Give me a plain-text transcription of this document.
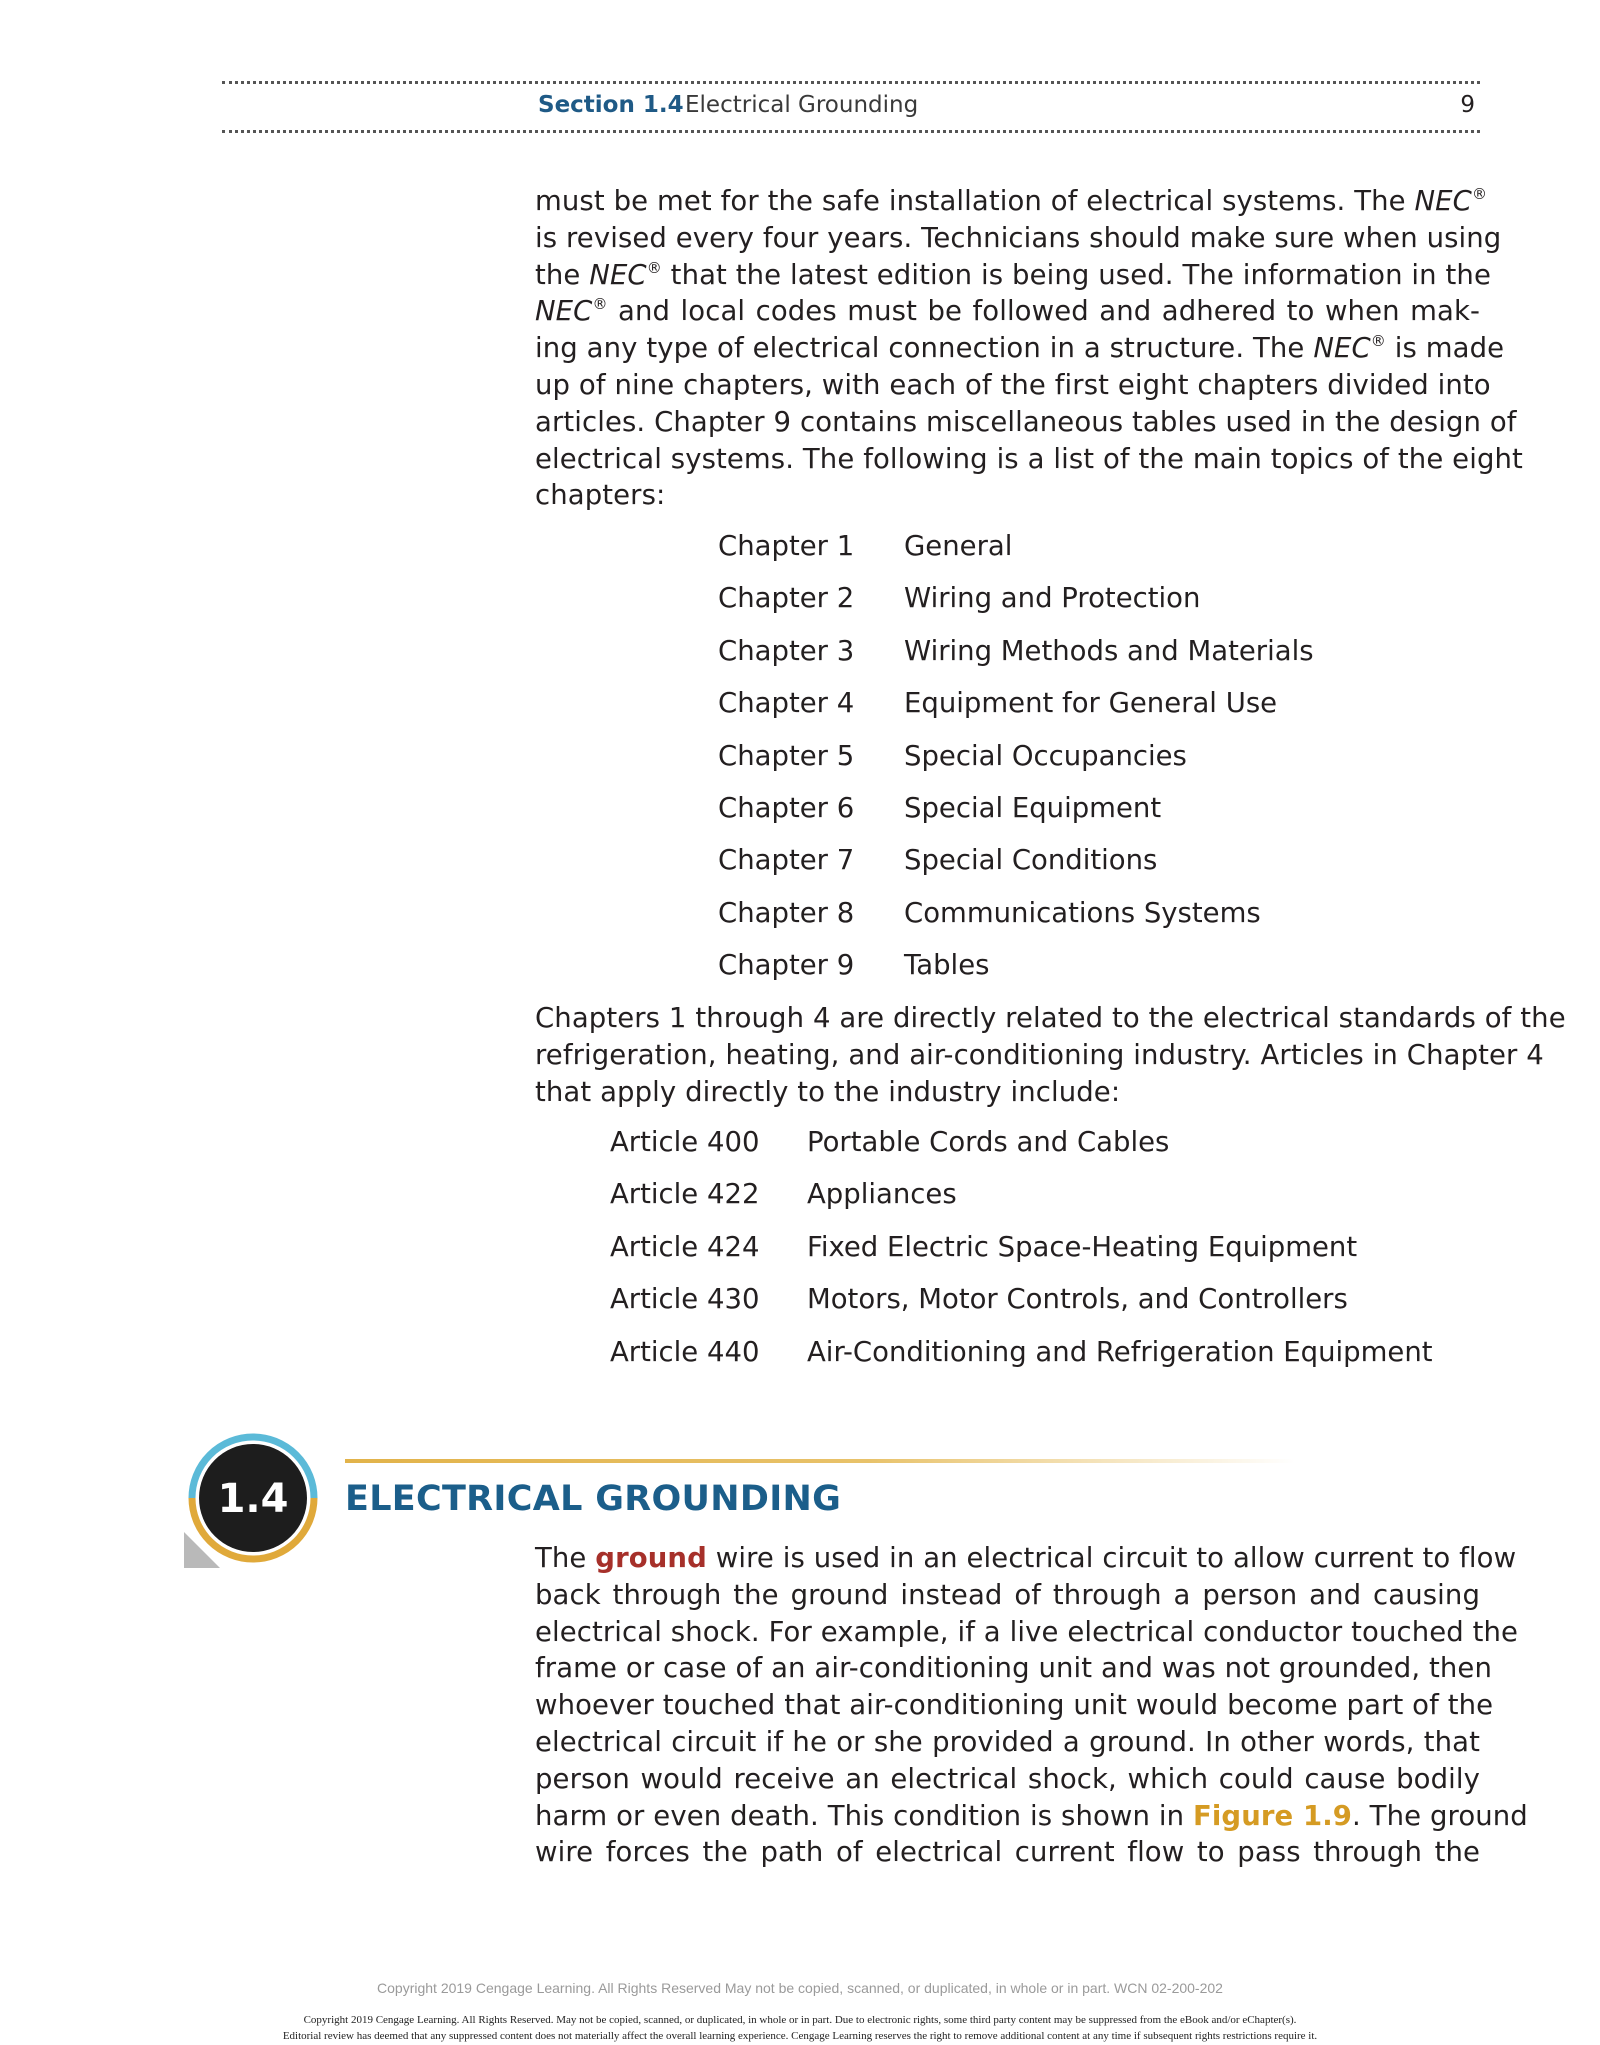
Section 1.4 Electrical Grounding	9
must be met for the safe installation of electrical systems. The NEC®
is revised every four years. Technicians should make sure when using
the NEC® that the latest edition is being used. The information in the
NEC® and local codes must be followed and adhered to when mak-
ing any type of electrical connection in a structure. The NEC® is made
up of nine chapters, with each of the first eight chapters divided into
articles. Chapter 9 contains miscellaneous tables used in the design of
electrical systems. The following is a list of the main topics of the eight
chapters:
Chapter 1 General
Chapter 2 Wiring and Protection
Chapter 3 Wiring Methods and Materials
Chapter 4 Equipment for General Use
Chapter 5 Special Occupancies
Chapter 6 Special Equipment
Chapter 7 Special Conditions
Chapter 8 Communications Systems
Chapter 9 Tables
Chapters 1 through 4 are directly related to the electrical standards of the
refrigeration, heating, and air-conditioning industry. Articles in Chapter 4
that apply directly to the industry include:
Article 400 Portable Cords and Cables
Article 422 Appliances
Article 424 Fixed Electric Space-Heating Equipment
Article 430 Motors, Motor Controls, and Controllers
Article 440 Air-Conditioning and Refrigeration Equipment
1.4 ELECTRICAL GROUNDING
The ground wire is used in an electrical circuit to allow current to flow
back through the ground instead of through a person and causing
electrical shock. For example, if a live electrical conductor touched the
frame or case of an air-conditioning unit and was not grounded, then
whoever touched that air-conditioning unit would become part of the
electrical circuit if he or she provided a ground. In other words, that
person would receive an electrical shock, which could cause bodily
harm or even death. This condition is shown in Figure 1.9. The ground
wire forces the path of electrical current flow to pass through the
Copyright 2019 Cengage Learning. All Rights Reserved May not be copied, scanned, or duplicated, in whole or in part. WCN 02-200-202
Copyright 2019 Cengage Learning. All Rights Reserved. May not be copied, scanned, or duplicated, in whole or in part. Due to electronic rights, some third party content may be suppressed from the eBook and/or eChapter(s).
Editorial review has deemed that any suppressed content does not materially affect the overall learning experience. Cengage Learning reserves the right to remove additional content at any time if subsequent rights restrictions require it.
